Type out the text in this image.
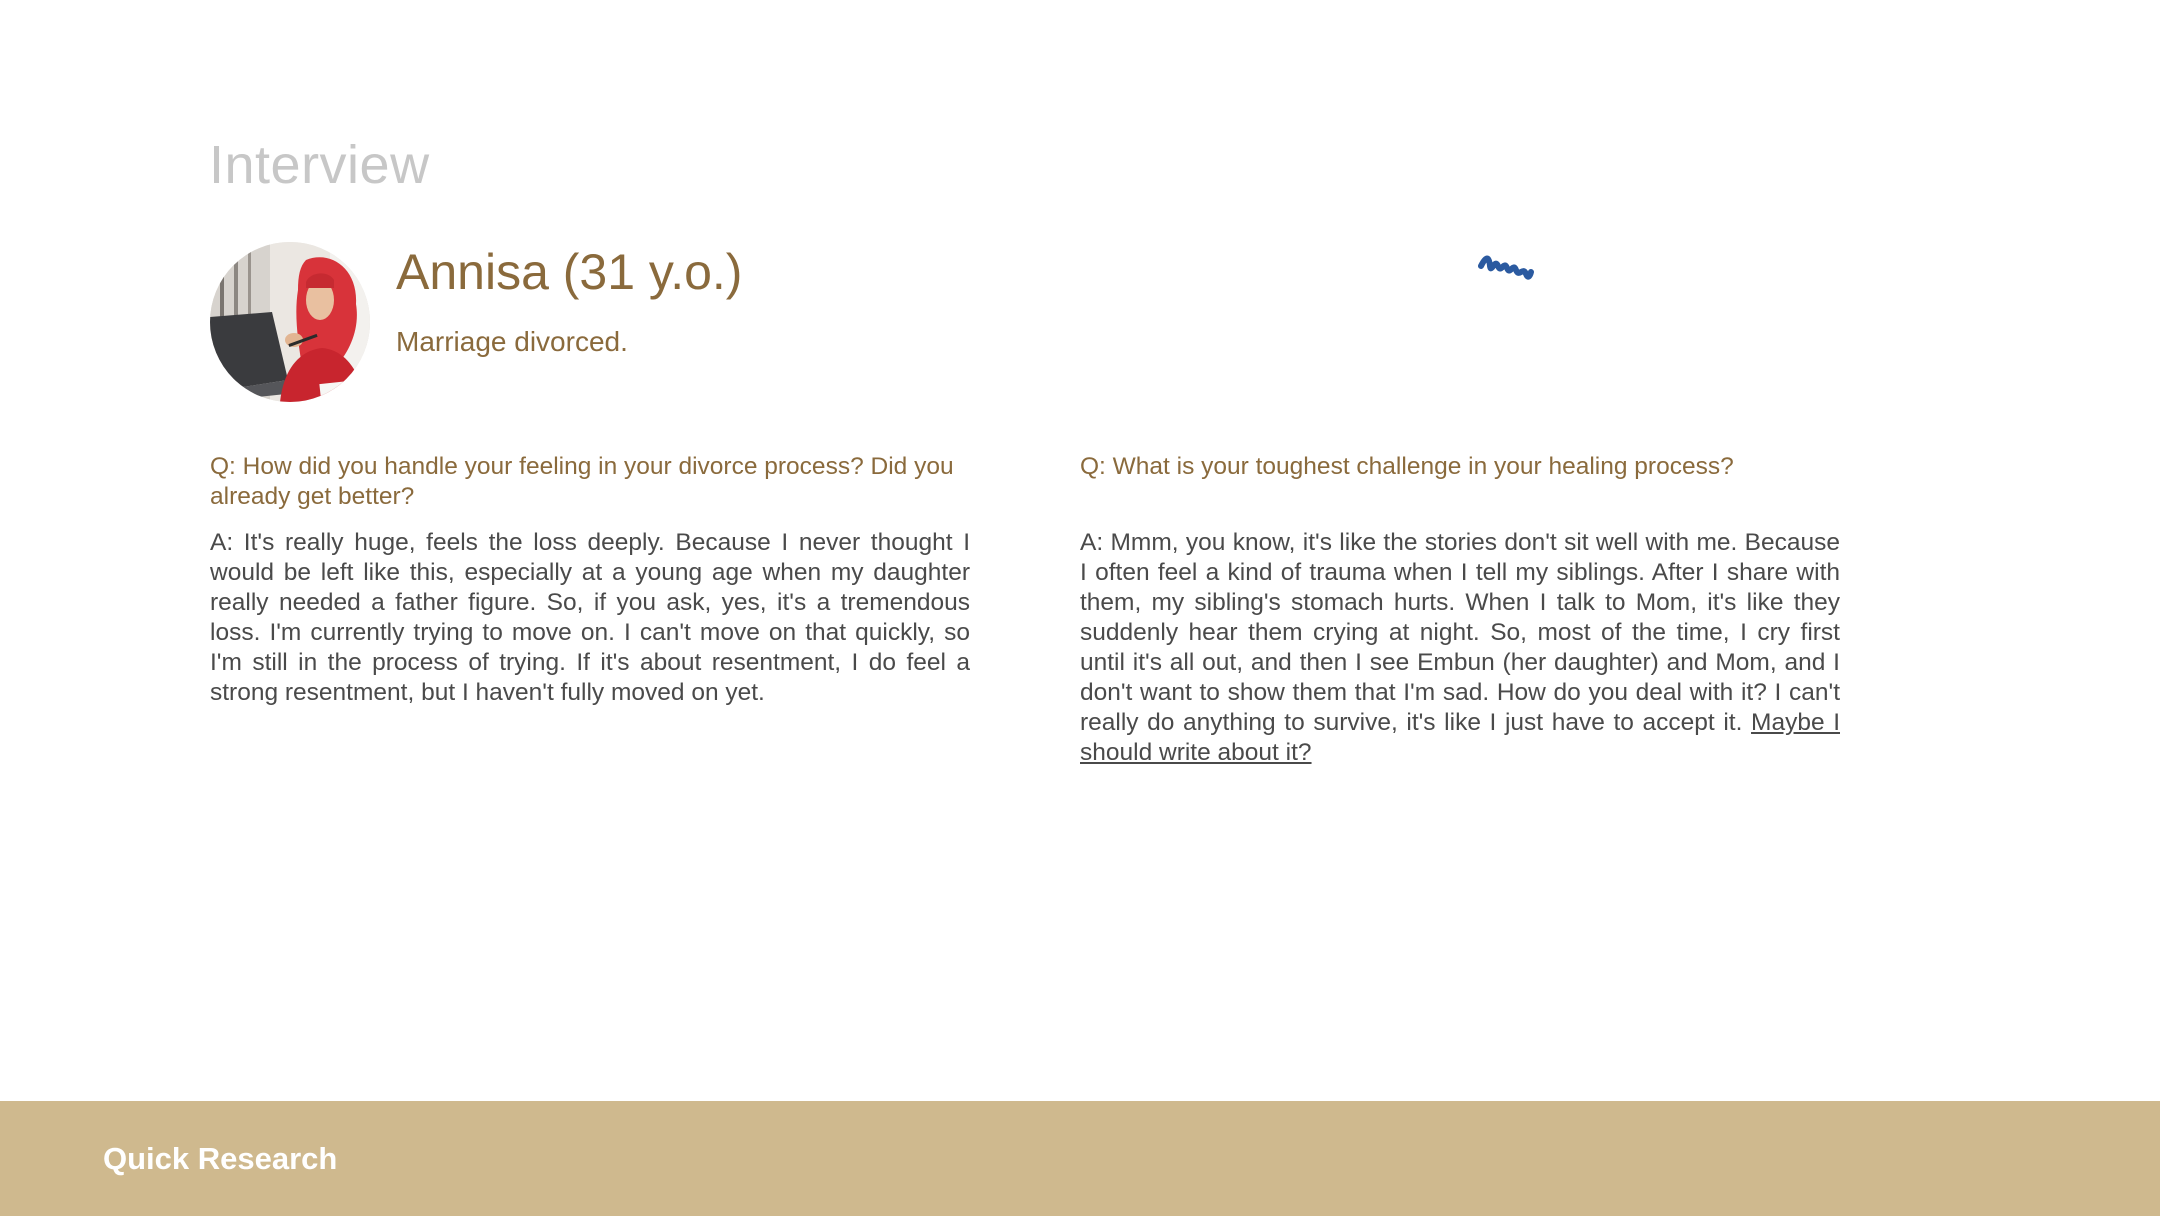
Interview
Annisa (31 y.o.)
Marriage divorced.

Q: How did you handle your feeling in your divorce process? Did you already get better?

A: It's really huge, feels the loss deeply. Because I never thought I would be left like this, especially at a young age when my daughter really needed a father figure. So, if you ask, yes, it's a tremendous loss. I'm currently trying to move on. I can't move on that quickly, so I'm still in the process of trying. If it's about resentment, I do feel a strong resentment, but I haven't fully moved on yet.

Q: What is your toughest challenge in your healing process?

A: Mmm, you know, it's like the stories don't sit well with me. Because I often feel a kind of trauma when I tell my siblings. After I share with them, my sibling's stomach hurts. When I talk to Mom, it's like they suddenly hear them crying at night. So, most of the time, I cry first until it's all out, and then I see Embun (her daughter) and Mom, and I don't want to show them that I'm sad. How do you deal with it? I can't really do anything to survive, it's like I just have to accept it. Maybe I should write about it?

Quick Research
